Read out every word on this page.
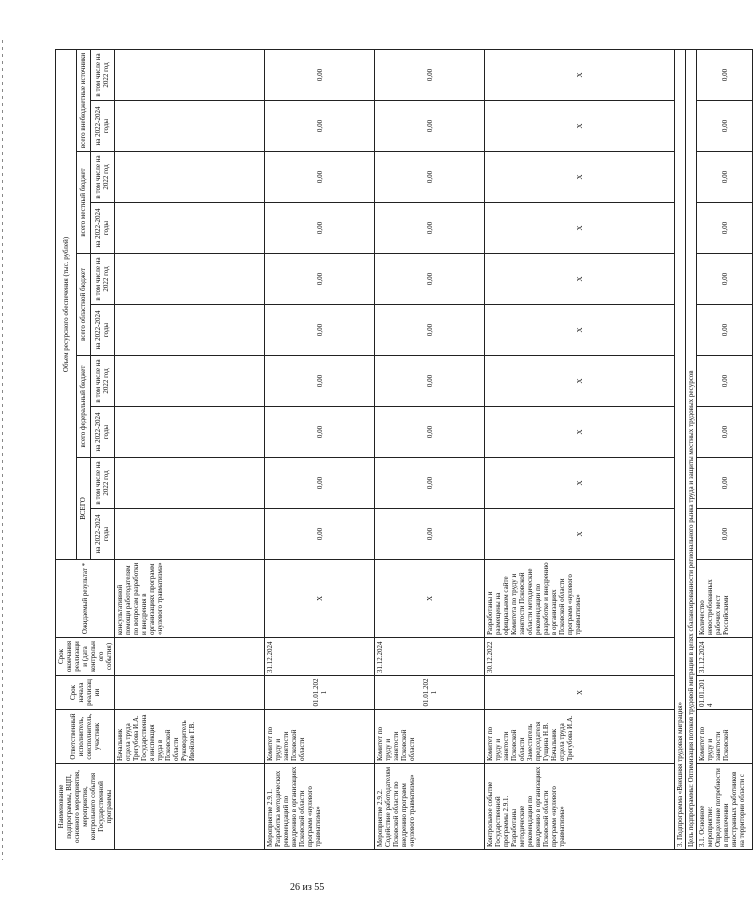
Наименование подпрограммы, ВЦП, основного мероприятия, мероприятия, контрольного события Государственной программы	Ответственный исполнитель, соисполнитель, участник	Срок начала реализации	Срок окончания реализации (дата контрольного события)	Ожидаемый результат *	Объем ресурсного обеспечения (тыс. рублей)									
					ВСЕГО		всего федеральный бюджет		всего областной бюджет		всего местный бюджет		всего внебюджетные источники	
					на 2022-2024 годы	в том числе на 2022 год	на 2022-2024 годы	в том числе на 2022 год	на 2022-2024 годы	в том числе на 2022 год	на 2022-2024 годы	в том числе на 2022 год	на 2022-2024 годы	в том числе на 2022 год
	Начальник отдела труда Трегубова И.А. Государственная инспекция труда в Псковской области Руководитель Ивойлов Г.В.			консультативной помощи работодателям по вопросам разработки и внедрения в организациях программ «нулевого травматизма»										
Мероприятие 2.9.1. Разработка методических рекомендаций по внедрению в организациях Псковской области программ «нулевого травматизма»	Комитет по труду и занятости Псковской области	01.01.2021	31.12.2024	X	0,00	0,00	0,00	0,00	0,00	0,00	0,00	0,00	0,00	0,00
Мероприятие 2.9.2. Содействие работодателям Псковской области по внедрению программ «нулевого травматизма»	Комитет по труду и занятости Псковской области	01.01.2021	31.12.2024	X	0,00	0,00	0,00	0,00	0,00	0,00	0,00	0,00	0,00	0,00
Контрольное событие Государственной программы 2.9.1. Разработаны методические рекомендации по внедрению в организациях Псковской области программ «нулевого травматизма»	Комитет по труду и занятости Псковской области Заместитель председателя Гущина Н.В. Начальник отдела труда Трегубова И.А.	X	30.12.2022	Разработаны и размещены на официальном сайте Комитета по труду и занятости Псковской области методические рекомендации по разработке и внедрению в организациях Псковской области программ «нулевого травматизма»	X	X	X	X	X	X	X	X	X	X
3. Подпрограмма «Внешняя трудовая миграция»														
Цель подпрограммы: Оптимизация потоков трудовой миграции в целях сбалансированности регионального рынка труда и защиты местных трудовых ресурсов														
3.1. Основное мероприятие: Определение потребности в привлечении иностранных работников на территории области с	Комитет по труду и занятости Псковской	01.01.2014	31.12.2024	Количество невостребованных рабочих мест Российскими	0,00	0,00	0,00	0,00	0,00	0,00	0,00	0,00	0,00	0,00
26 из 55
